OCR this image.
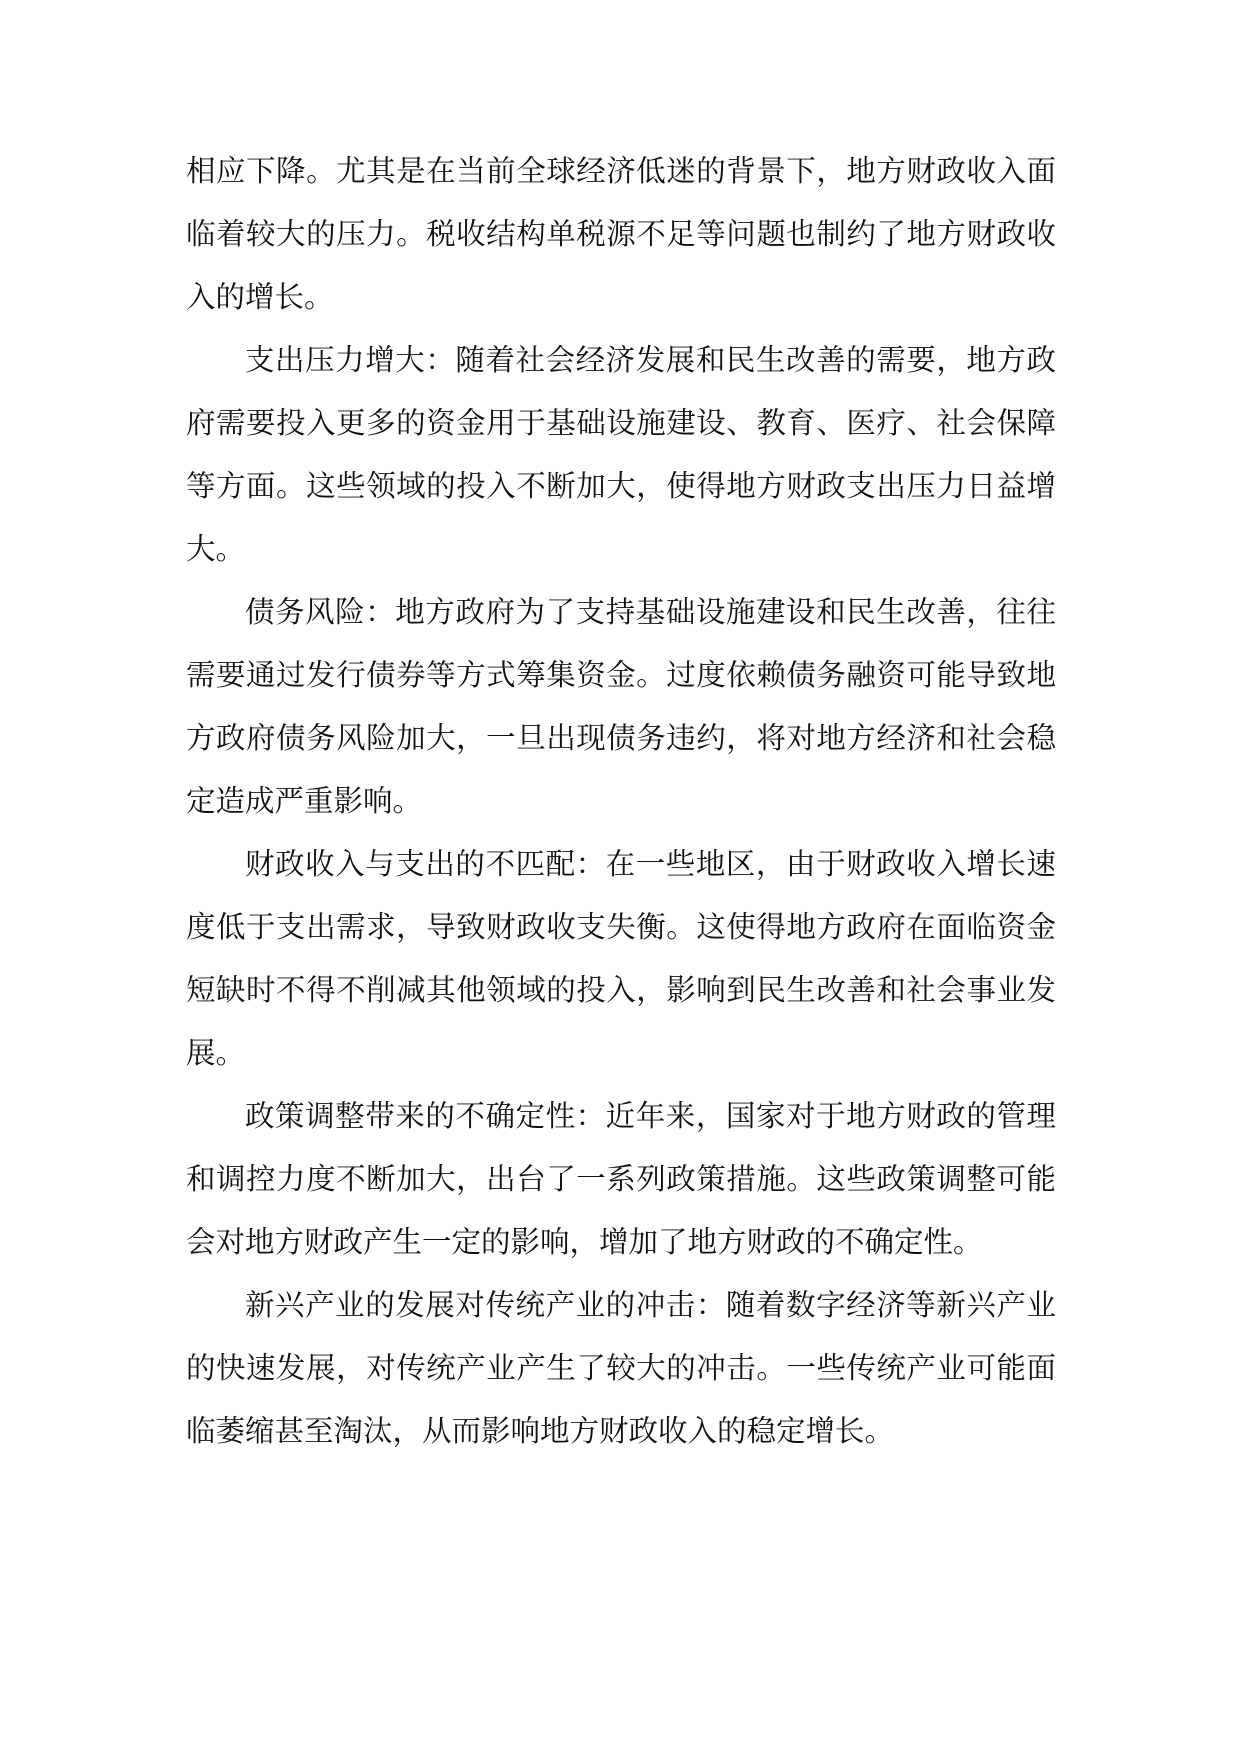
相应下降。尤其是在当前全球经济低迷的背景下，地方财政收入面临着较大的压力。税收结构单税源不足等问题也制约了地方财政收入的增长。

支出压力增大：随着社会经济发展和民生改善的需要，地方政府需要投入更多的资金用于基础设施建设、教育、医疗、社会保障等方面。这些领域的投入不断加大，使得地方财政支出压力日益增大。

债务风险：地方政府为了支持基础设施建设和民生改善，往往需要通过发行债券等方式筹集资金。过度依赖债务融资可能导致地方政府债务风险加大，一旦出现债务违约，将对地方经济和社会稳定造成严重影响。

财政收入与支出的不匹配：在一些地区，由于财政收入增长速度低于支出需求，导致财政收支失衡。这使得地方政府在面临资金短缺时不得不削减其他领域的投入，影响到民生改善和社会事业发展。

政策调整带来的不确定性：近年来，国家对于地方财政的管理和调控力度不断加大，出台了一系列政策措施。这些政策调整可能会对地方财政产生一定的影响，增加了地方财政的不确定性。

新兴产业的发展对传统产业的冲击：随着数字经济等新兴产业的快速发展，对传统产业产生了较大的冲击。一些传统产业可能面临萎缩甚至淘汰，从而影响地方财政收入的稳定增长。
